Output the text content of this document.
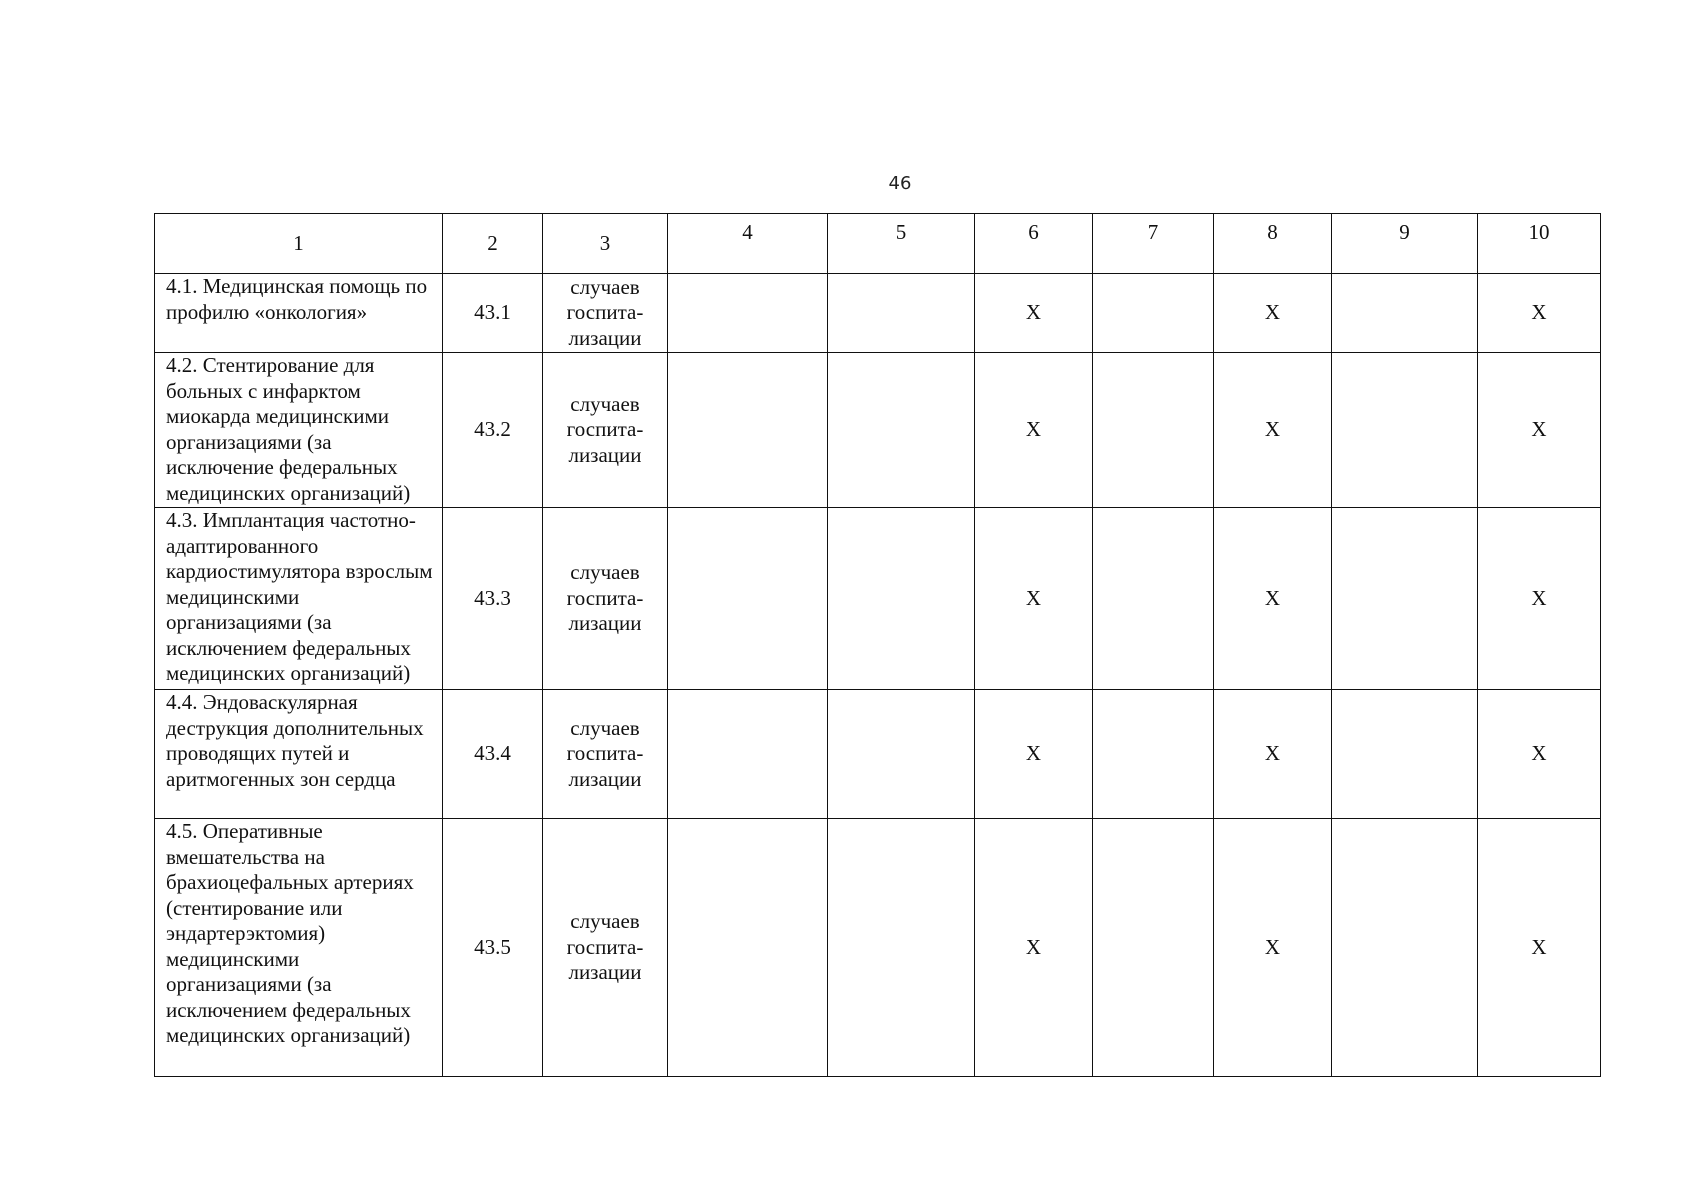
46
1	2	3	4	5	6	7	8	9	10
4.1. Медицинская помощь по профилю «онкология»	43.1	случаев госпита-лизации			Х		Х		Х
4.2. Стентирование для больных с инфарктом миокарда медицинскими организациями (за исключение федеральных медицинских организаций)	43.2	случаев госпита-лизации			Х		Х		Х
4.3. Имплантация частотно-адаптированного кардиостимулятора взрослым медицинскими организациями (за исключением федеральных медицинских организаций)	43.3	случаев госпита-лизации			Х		Х		Х
4.4. Эндоваскулярная деструкция дополнительных проводящих путей и аритмогенных зон сердца	43.4	случаев госпита-лизации			Х		Х		Х
4.5. Оперативные вмешательства на брахиоцефальных артериях (стентирование или эндартерэктомия) медицинскими организациями (за исключением федеральных медицинских организаций)	43.5	случаев госпита-лизации			Х		Х		Х
